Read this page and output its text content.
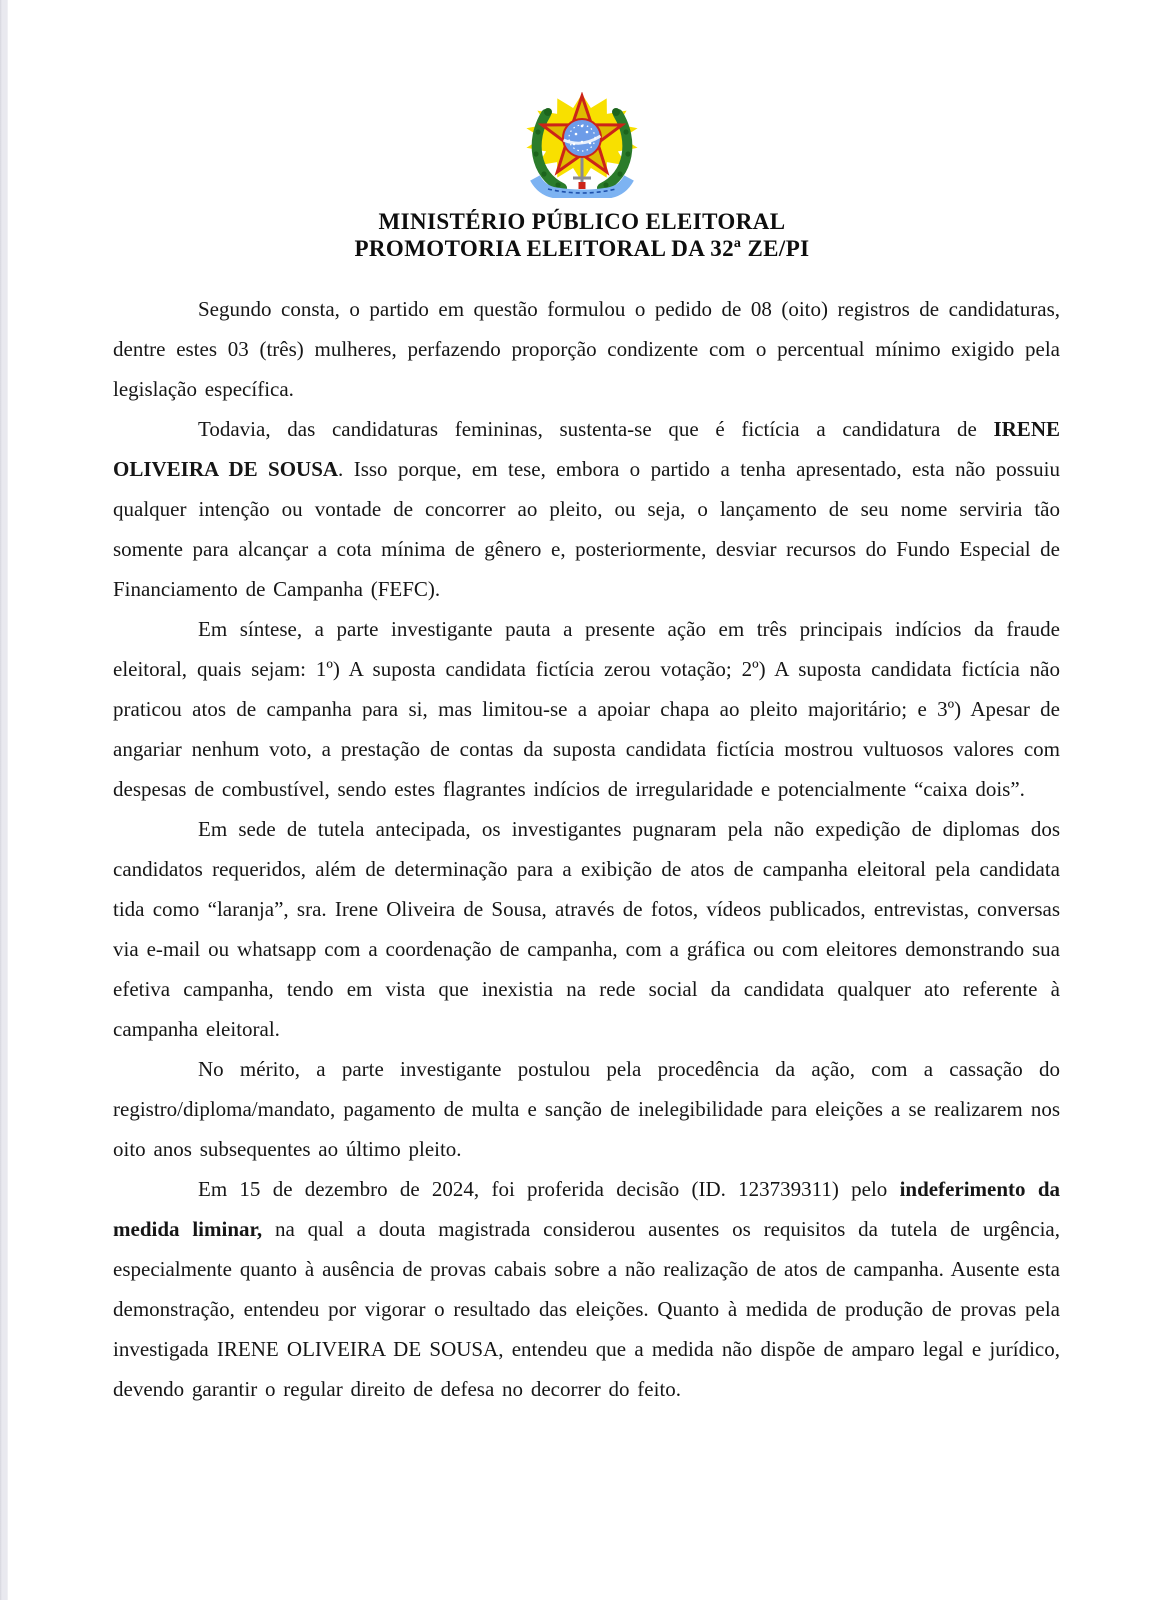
MINISTÉRIO PÚBLICO ELEITORAL
PROMOTORIA ELEITORAL DA 32ª ZE/PI

Segundo consta, o partido em questão formulou o pedido de 08 (oito) registros de candidaturas, dentre estes 03 (três) mulheres, perfazendo proporção condizente com o percentual mínimo exigido pela legislação específica.

Todavia, das candidaturas femininas, sustenta-se que é fictícia a candidatura de IRENE OLIVEIRA DE SOUSA. Isso porque, em tese, embora o partido a tenha apresentado, esta não possuiu qualquer intenção ou vontade de concorrer ao pleito, ou seja, o lançamento de seu nome serviria tão somente para alcançar a cota mínima de gênero e, posteriormente, desviar recursos do Fundo Especial de Financiamento de Campanha (FEFC).

Em síntese, a parte investigante pauta a presente ação em três principais indícios da fraude eleitoral, quais sejam: 1º) A suposta candidata fictícia zerou votação; 2º) A suposta candidata fictícia não praticou atos de campanha para si, mas limitou-se a apoiar chapa ao pleito majoritário; e 3º) Apesar de angariar nenhum voto, a prestação de contas da suposta candidata fictícia mostrou vultuosos valores com despesas de combustível, sendo estes flagrantes indícios de irregularidade e potencialmente “caixa dois”.

Em sede de tutela antecipada, os investigantes pugnaram pela não expedição de diplomas dos candidatos requeridos, além de determinação para a exibição de atos de campanha eleitoral pela candidata tida como “laranja”, sra. Irene Oliveira de Sousa, através de fotos, vídeos publicados, entrevistas, conversas via e-mail ou whatsapp com a coordenação de campanha, com a gráfica ou com eleitores demonstrando sua efetiva campanha, tendo em vista que inexistia na rede social da candidata qualquer ato referente à campanha eleitoral.

No mérito, a parte investigante postulou pela procedência da ação, com a cassação do registro/diploma/mandato, pagamento de multa e sanção de inelegibilidade para eleições a se realizarem nos oito anos subsequentes ao último pleito.

Em 15 de dezembro de 2024, foi proferida decisão (ID. 123739311) pelo indeferimento da medida liminar, na qual a douta magistrada considerou ausentes os requisitos da tutela de urgência, especialmente quanto à ausência de provas cabais sobre a não realização de atos de campanha. Ausente esta demonstração, entendeu por vigorar o resultado das eleições. Quanto à medida de produção de provas pela investigada IRENE OLIVEIRA DE SOUSA, entendeu que a medida não dispõe de amparo legal e jurídico, devendo garantir o regular direito de defesa no decorrer do feito.
